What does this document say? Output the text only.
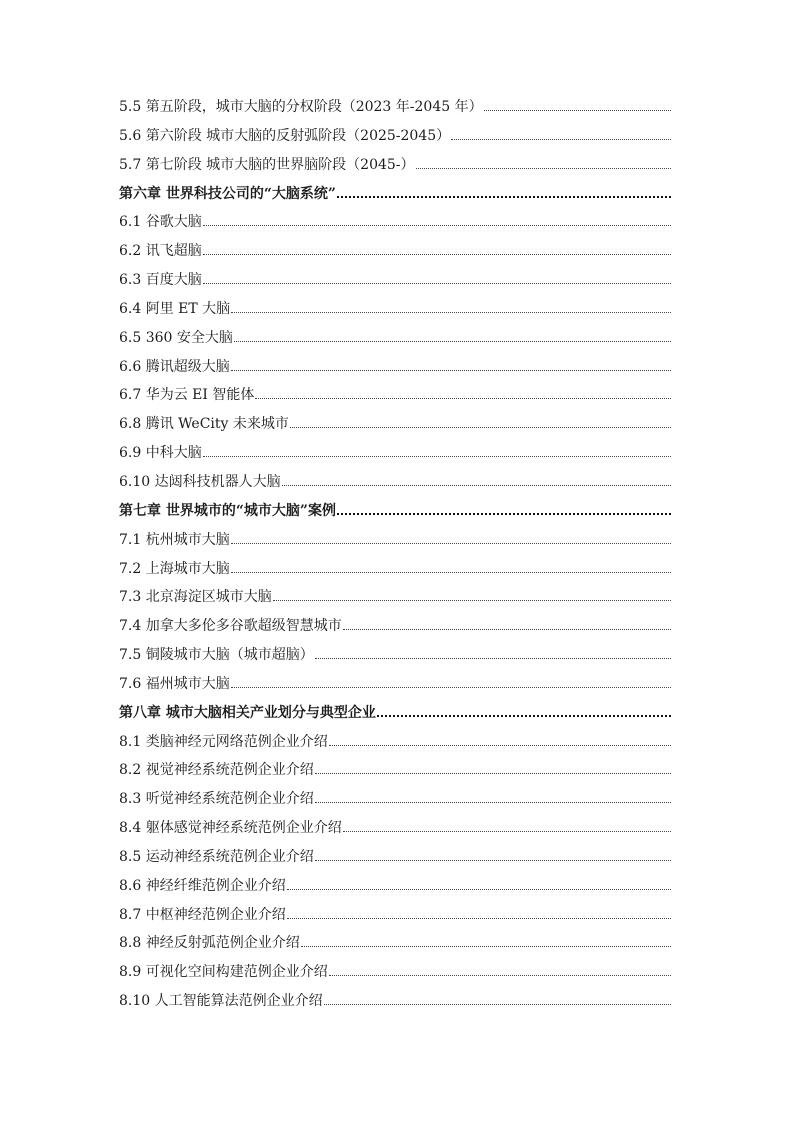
5.5 第五阶段，城市大脑的分权阶段（2023 年-2045 年）
5.6 第六阶段 城市大脑的反射弧阶段（2025-2045）
5.7 第七阶段 城市大脑的世界脑阶段（2045-）
第六章 世界科技公司的“大脑系统”
6.1 谷歌大脑
6.2 讯飞超脑
6.3 百度大脑
6.4 阿里 ET 大脑
6.5 360 安全大脑
6.6 腾讯超级大脑
6.7 华为云 EI 智能体
6.8 腾讯 WeCity 未来城市
6.9 中科大脑
6.10 达闼科技机器人大脑
第七章 世界城市的“城市大脑”案例
7.1 杭州城市大脑
7.2 上海城市大脑
7.3 北京海淀区城市大脑
7.4 加拿大多伦多谷歌超级智慧城市
7.5 铜陵城市大脑（城市超脑）
7.6 福州城市大脑
第八章 城市大脑相关产业划分与典型企业
8.1 类脑神经元网络范例企业介绍
8.2 视觉神经系统范例企业介绍
8.3 听觉神经系统范例企业介绍
8.4 躯体感觉神经系统范例企业介绍
8.5 运动神经系统范例企业介绍
8.6 神经纤维范例企业介绍
8.7 中枢神经范例企业介绍
8.8 神经反射弧范例企业介绍
8.9 可视化空间构建范例企业介绍
8.10 人工智能算法范例企业介绍
